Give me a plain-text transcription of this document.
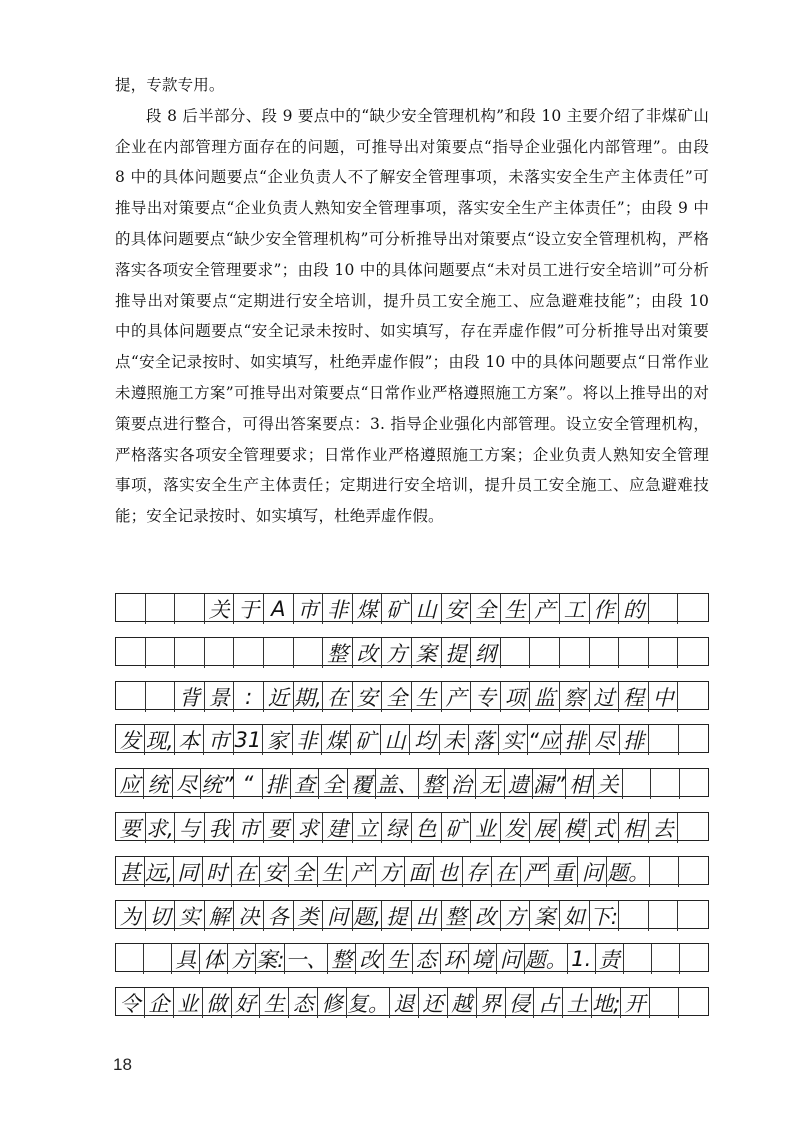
提，专款专用。

段 8 后半部分、段 9 要点中的“缺少安全管理机构”和段 10 主要介绍了非煤矿山企业在内部管理方面存在的问题，可推导出对策要点“指导企业强化内部管理”。由段 8 中的具体问题要点“企业负责人不了解安全管理事项，未落实安全生产主体责任”可推导出对策要点“企业负责人熟知安全管理事项，落实安全生产主体责任”；由段 9 中的具体问题要点“缺少安全管理机构”可分析推导出对策要点“设立安全管理机构，严格落实各项安全管理要求”；由段 10 中的具体问题要点“未对员工进行安全培训”可分析推导出对策要点“定期进行安全培训，提升员工安全施工、应急避难技能”；由段 10 中的具体问题要点“安全记录未按时、如实填写，存在弄虚作假”可分析推导出对策要点“安全记录按时、如实填写，杜绝弄虚作假”；由段 10 中的具体问题要点“日常作业未遵照施工方案”可推导出对策要点“日常作业严格遵照施工方案”。将以上推导出的对策要点进行整合，可得出答案要点：3. 指导企业强化内部管理。设立安全管理机构，严格落实各项安全管理要求；日常作业严格遵照施工方案；企业负责人熟知安全管理事项，落实安全生产主体责任；定期进行安全培训，提升员工安全施工、应急避难技能；安全记录按时、如实填写，杜绝弄虚作假。

关 于 A 市 非 煤 矿 山 安 全 生 产 工 作 的
整 改 方 案 提 纲
背 景 : 近 期, 在 安 全 生 产 专 项 监 察 过 程 中
发 现, 本 市 31 家 非 煤 矿 山 均 未 落 实 “应 排 尽 排
应 统 尽 统” “ 排 查 全 覆 盖、 整 治 无 遗 漏” 相 关
要 求, 与 我 市 要 求 建 立 绿 色 矿 业 发 展 模 式 相 去
甚 远, 同 时 在 安 全 生 产 方 面 也 存 在 严 重 问 题。
为 切 实 解 决 各 类 问 题, 提 出 整 改 方 案 如 下:
具 体 方 案: 一、 整 改 生 态 环 境 问 题。 1. 责
令 企 业 做 好 生 态 修 复。 退 还 越 界 侵 占 土 地; 开
18
